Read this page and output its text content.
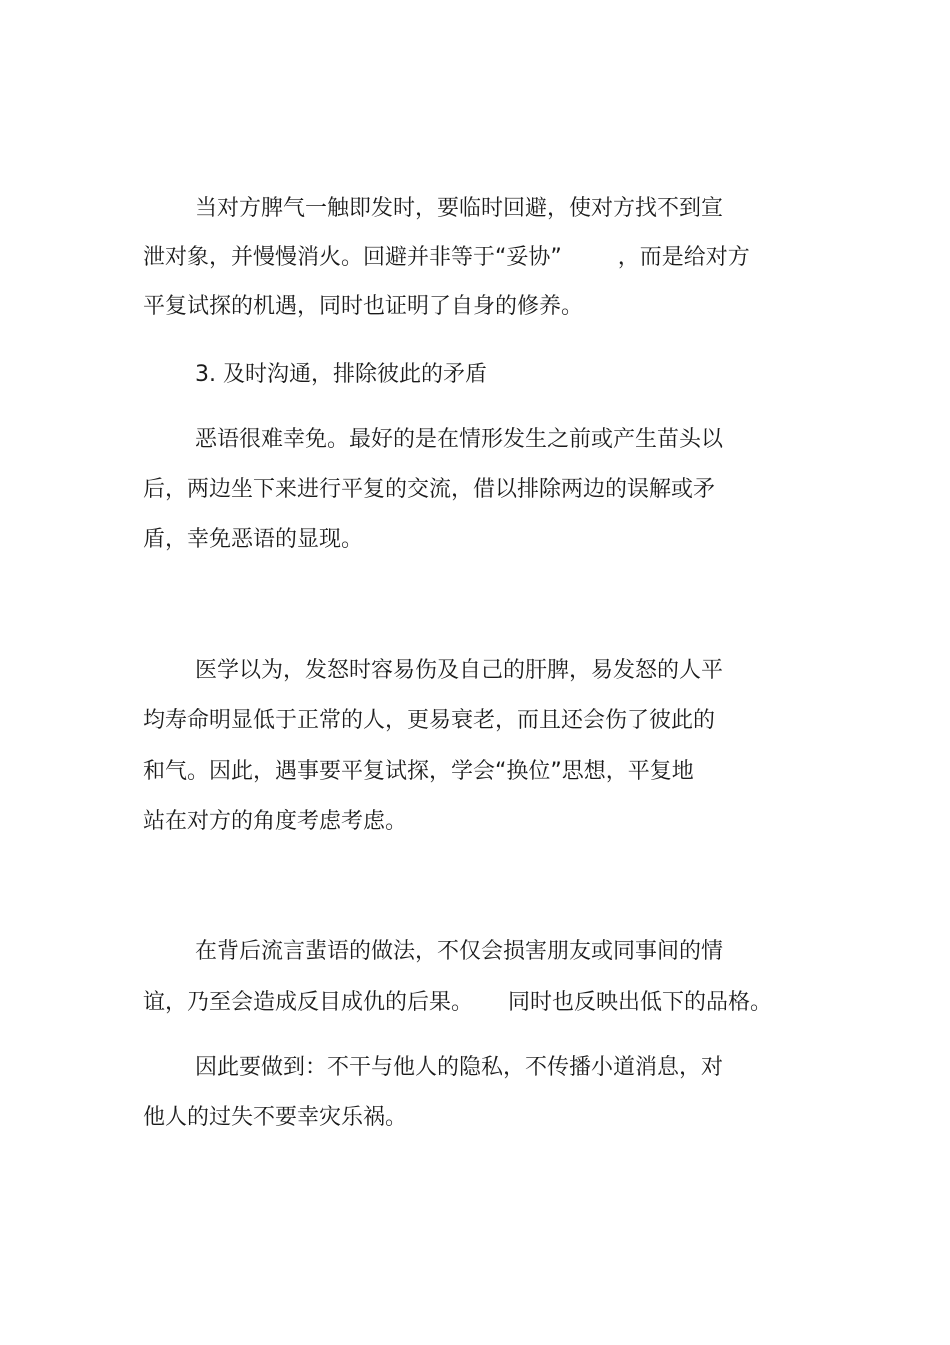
当对方脾气一触即发时，要临时回避，使对方找不到宣

泄对象，并慢慢消火。回避并非等于“妥协”        ，而是给对方

平复试探的机遇，同时也证明了自身的修养。

3. 及时沟通，排除彼此的矛盾

恶语很难幸免。最好的是在情形发生之前或产生苗头以

后，两边坐下来进行平复的交流，借以排除两边的误解或矛

盾，幸免恶语的显现。

医学以为，发怒时容易伤及自己的肝脾，易发怒的人平

均寿命明显低于正常的人，更易衰老，而且还会伤了彼此的

和气。因此，遇事要平复试探，学会“换位”思想，平复地

站在对方的角度考虑考虑。

在背后流言蜚语的做法，不仅会损害朋友或同事间的情

谊，乃至会造成反目成仇的后果。     同时也反映出低下的品格。

因此要做到：不干与他人的隐私，不传播小道消息，对

他人的过失不要幸灾乐祸。
